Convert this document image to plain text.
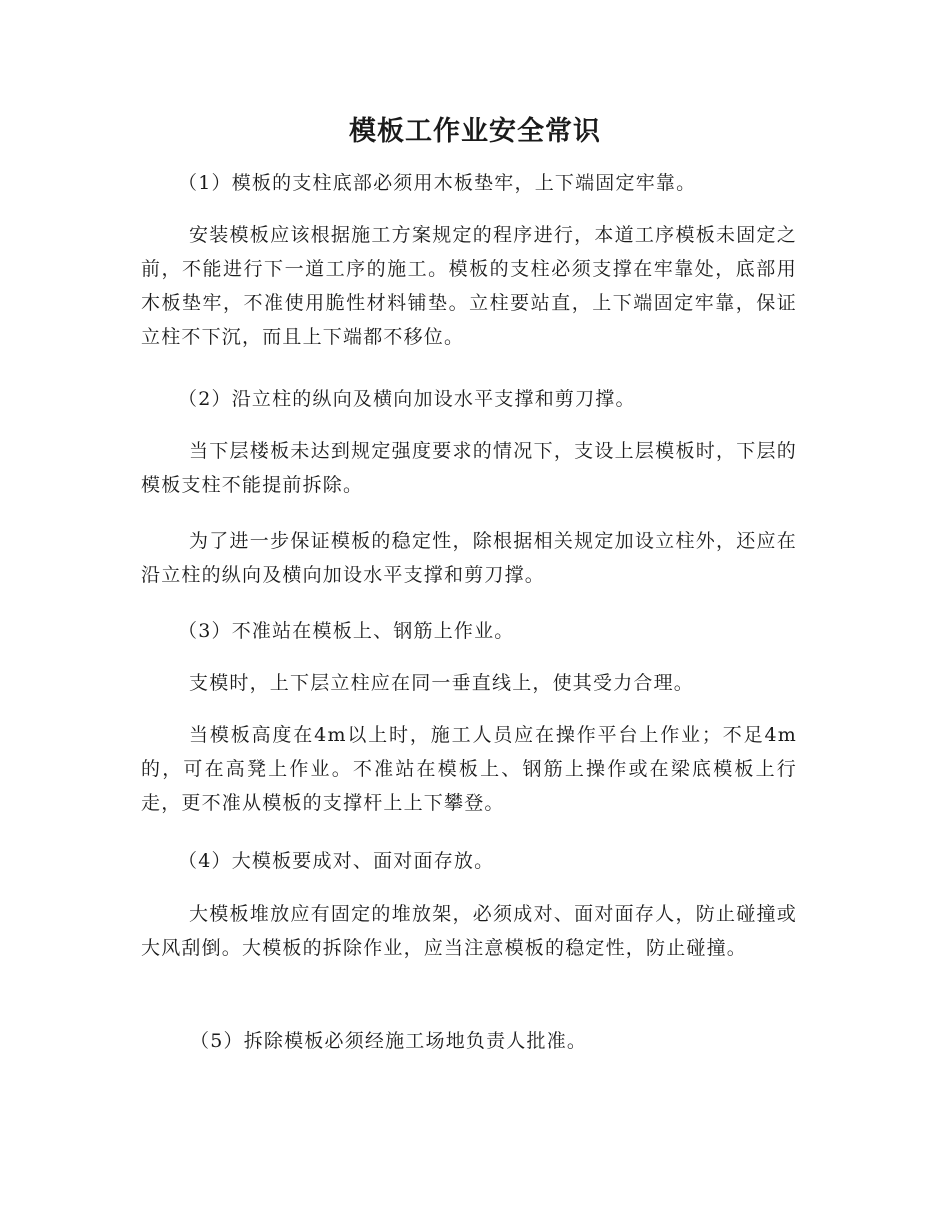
模板工作业安全常识

（1）模板的支柱底部必须用木板垫牢，上下端固定牢靠。

安装模板应该根据施工方案规定的程序进行，本道工序模板未固定之前，不能进行下一道工序的施工。模板的支柱必须支撑在牢靠处，底部用木板垫牢，不准使用脆性材料铺垫。立柱要站直，上下端固定牢靠，保证立柱不下沉，而且上下端都不移位。

（2）沿立柱的纵向及横向加设水平支撑和剪刀撑。

当下层楼板未达到规定强度要求的情况下，支设上层模板时，下层的模板支柱不能提前拆除。

为了进一步保证模板的稳定性，除根据相关规定加设立柱外，还应在沿立柱的纵向及横向加设水平支撑和剪刀撑。

（3）不准站在模板上、钢筋上作业。

支模时，上下层立柱应在同一垂直线上，使其受力合理。

当模板高度在4m以上时，施工人员应在操作平台上作业；不足4m的，可在高凳上作业。不准站在模板上、钢筋上操作或在梁底模板上行走，更不准从模板的支撑杆上上下攀登。

（4）大模板要成对、面对面存放。

大模板堆放应有固定的堆放架，必须成对、面对面存人，防止碰撞或大风刮倒。大模板的拆除作业，应当注意模板的稳定性，防止碰撞。

（5）拆除模板必须经施工场地负责人批准。
